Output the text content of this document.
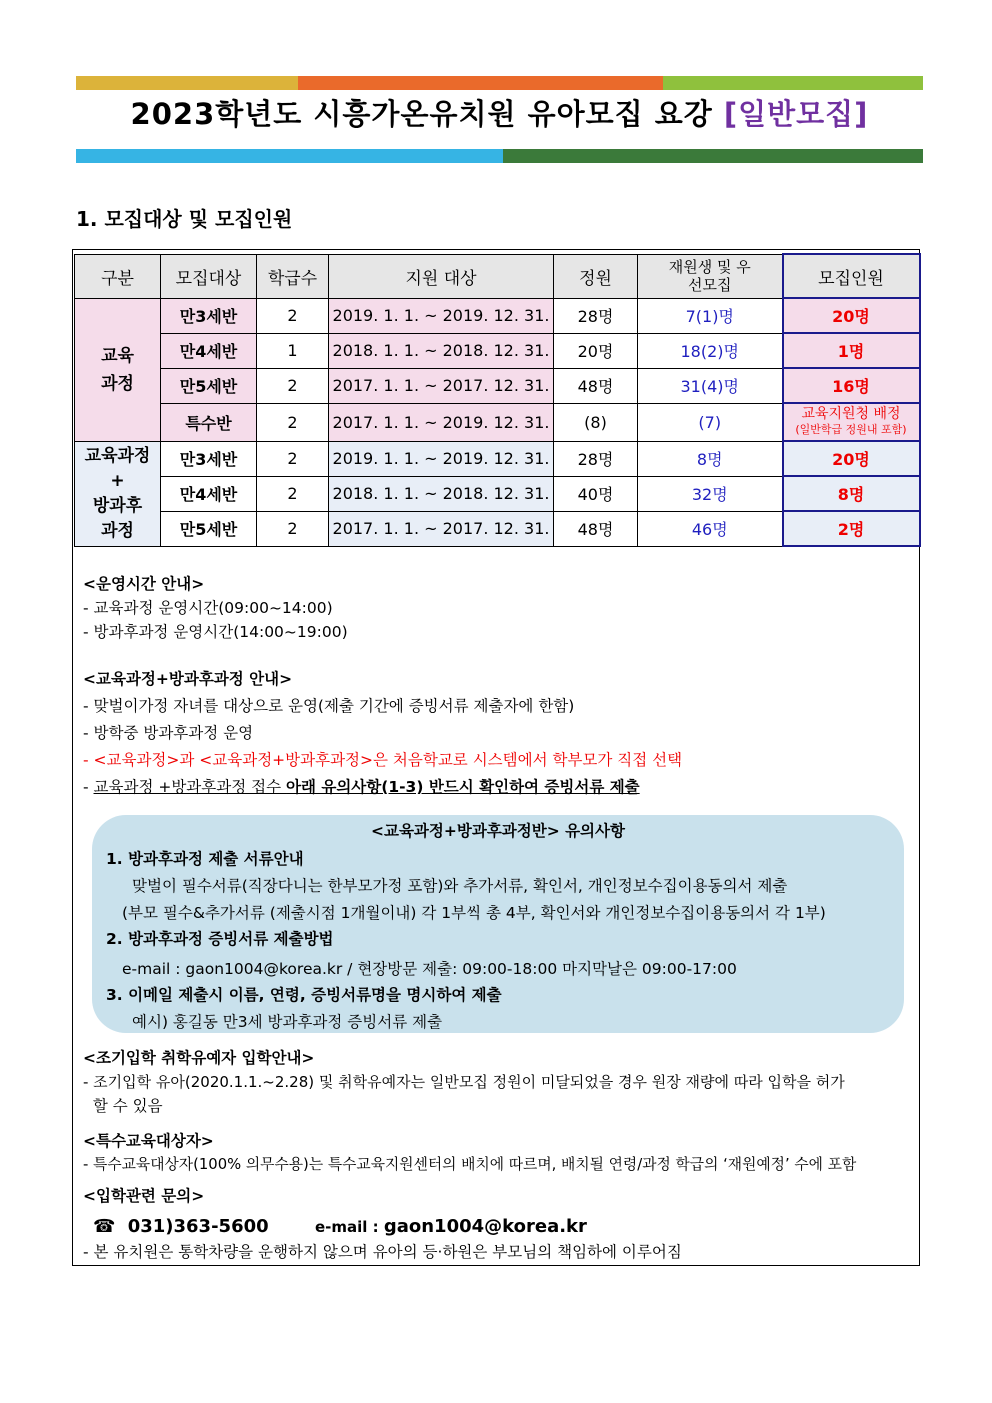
2023학년도 시흥가온유치원 유아모집 요강 [일반모집]
1. 모집대상 및 모집인원
구분	모집대상	학급수	지원 대상	정원	재원생 및 우선모집	모집인원
교육
과정	만3세반	2	2019. 1. 1. ~ 2019. 12. 31.	28명	7(1)명	20명
	만4세반	1	2018. 1. 1. ~ 2018. 12. 31.	20명	18(2)명	1명
	만5세반	2	2017. 1. 1. ~ 2017. 12. 31.	48명	31(4)명	16명
	특수반	2	2017. 1. 1. ~ 2019. 12. 31.	(8)	(7)	교육지원청 배정
(일반학급 정원내 포함)

교육과정
+
방과후
과정	만3세반	2	2019. 1. 1. ~ 2019. 12. 31.	28명	8명	20명
	만4세반	2	2018. 1. 1. ~ 2018. 12. 31.	40명	32명	8명
	만5세반	2	2017. 1. 1. ~ 2017. 12. 31.	48명	46명	2명

<운영시간 안내>

- 교육과정 운영시간(09:00~14:00)

- 방과후과정 운영시간(14:00~19:00)

<교육과정+방과후과정 안내>

- 맞벌이가정 자녀를 대상으로 운영(제출 기간에 증빙서류 제출자에 한함)

- 방학중 방과후과정 운영

- <교육과정>과 <교육과정+방과후과정>은 처음학교로 시스템에서 학부모가 직접 선택

- 교육과정 +방과후과정 접수 아래 유의사항(1-3) 반드시 확인하여 증빙서류 제출

<교육과정+방과후과정반> 유의사항

1. 방과후과정 제출 서류안내

맞벌이 필수서류(직장다니는 한부모가정 포함)와 추가서류, 확인서, 개인정보수집이용동의서 제출

(부모 필수&추가서류 (제출시점 1개월이내) 각 1부씩 총 4부, 확인서와 개인정보수집이용동의서 각 1부)

2. 방과후과정 증빙서류 제출방법

e-mail : gaon1004@korea.kr / 현장방문 제출: 09:00-18:00 마지막날은 09:00-17:00

3. 이메일 제출시 이름, 연령, 증빙서류명을 명시하여 제출

예시) 홍길동 만3세 방과후과정 증빙서류 제출

<조기입학 취학유예자 입학안내>

- 조기입학 유아(2020.1.1.~2.28) 및 취학유예자는 일반모집 정원이 미달되었을 경우 원장 재량에 따라 입학을 허가

할 수 있음

<특수교육대상자>

- 특수교육대상자(100% 의무수용)는 특수교육지원센터의 배치에 따르며, 배치될 연령/과정 학급의 ‘재원예정’ 수에 포함

<입학관련 문의>

☎ 031)363-5600	e-mail : gaon1004@korea.kr

- 본 유치원은 통학차량을 운행하지 않으며 유아의 등·하원은 부모님의 책임하에 이루어짐
